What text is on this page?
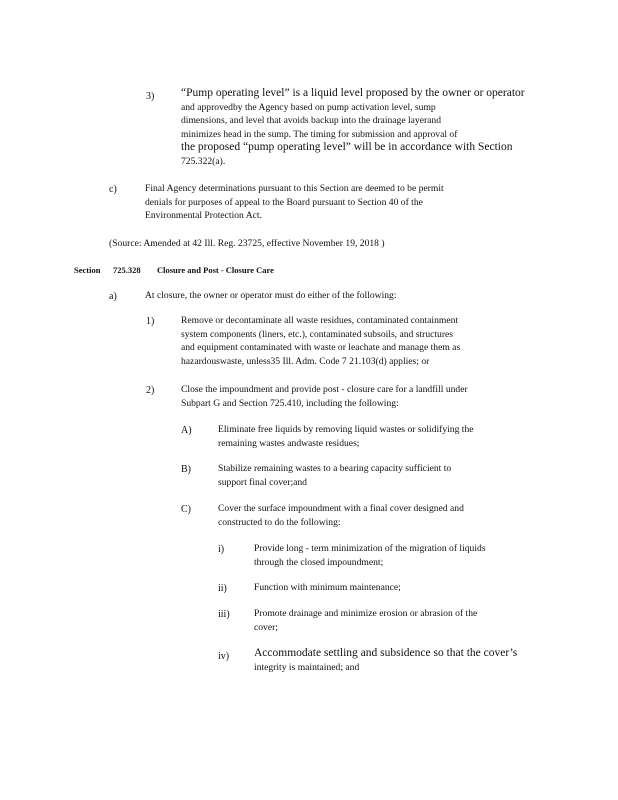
3) “Pump operating level” is a liquid level proposed by the owner or operator
and approvedby the Agency based on pump activation level, sump
dimensions, and level that avoids backup into the drainage layerand
minimizes head in the sump. The timing for submission and approval of
the proposed “pump operating level” will be in accordance with Section
725.322(a).
c)	Final Agency determinations pursuant to this Section are deemed to be permit
denials for purposes of appeal to the Board pursuant to Section 40 of the
Environmental Protection Act.
(Source: Amended at 42 Ill. Reg. 23725, effective November 19, 2018 )
Section 725.328 Closure and Post - Closure Care
a)	At closure, the owner or operator must do either of the following:
1)	Remove or decontaminate all waste residues, contaminated containment
system components (liners, etc.), contaminated subsoils, and structures
and equipment contaminated with waste or leachate and manage them as
hazardouswaste, unless35 Ill. Adm. Code 7 21.103(d) applies; or
2)	Close the impoundment and provide post - closure care for a landfill under
Subpart G and Section 725.410, including the following:
A)	Eliminate free liquids by removing liquid wastes or solidifying the
remaining wastes andwaste residues;
B)	Stabilize remaining wastes to a bearing capacity sufficient to
support final cover;and
C)	Cover the surface impoundment with a final cover designed and
constructed to do the following:
i)	Provide long - term minimization of the migration of liquids
through the closed impoundment;
ii)	Function with minimum maintenance;
iii)	Promote drainage and minimize erosion or abrasion of the
cover;
iv) Accommodate settling and subsidence so that the cover’s
integrity is maintained; and
